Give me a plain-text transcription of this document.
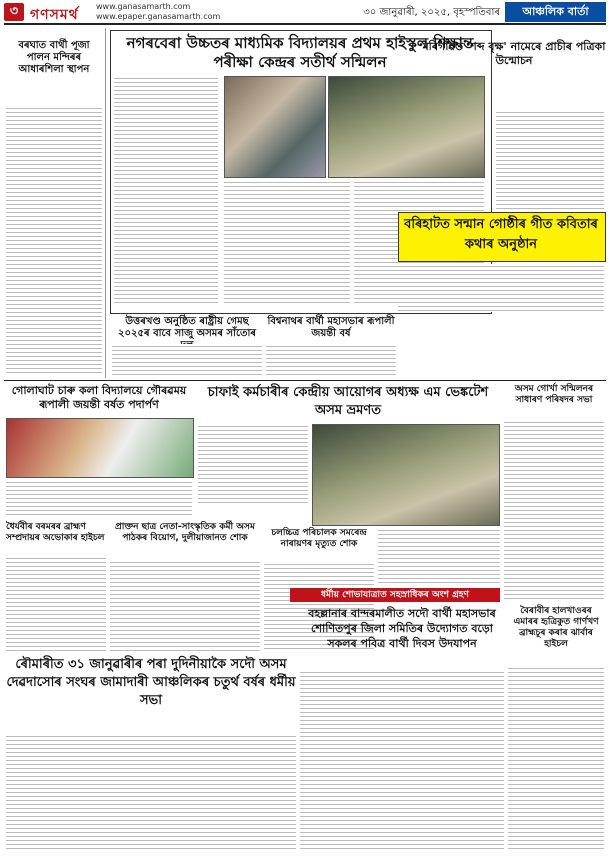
৩ গণসমৰ্থ
www.ganasamarth.com
www.epaper.ganasamarth.com	৩০ জানুৱাৰী, ২০২৫, বৃহস্পতিবাৰ	আঞ্চলিক বাৰ্তা
বৰঘাত বাৰ্থী পূজা পালন মন্দিৰৰ আধাৰশিলা স্থাপন
নগৰবেৰা উচ্চতৰ মাধ্যমিক বিদ্যালয়ৰ প্ৰথম হাইস্কুল শিক্ষান্ত পৰীক্ষা কেন্দ্ৰৰ সতীৰ্থ সন্মিলন
মৰিগাঁৱত 'শব্দ বৃক্ষ' নামেৰে প্ৰাচীৰ পত্ৰিকা উন্মোচন
বৰিহাটত সন্মান গোষ্ঠীৰ গীত কবিতাৰ কথাৰ অনুষ্ঠান
উত্তৰখণ্ড অনুষ্ঠিত ৰাষ্ট্ৰীয় গেমছ ২০২৫ৰ বাবে সাজু অসমৰ সাঁতোৰ
বিশ্বনাথৰ বাৰ্থী মহাসভাৰ ৰূপালী জয়ন্তী বৰ্ষ
গোলাঘাট চাৰু কলা বিদ্যালয়ে গৌৰৱময় ৰূপালী জয়ন্তী বৰ্ষত পদাৰ্পণ
চাফাই কৰ্মচাৰীৰ কেন্দ্ৰীয় আয়োগৰ অধ্যক্ষ এম ভেঙ্কটেশ অসম ভ্ৰমণত
অসম গোৰ্খা সন্মিলনৰ সাধাৰণ পৰিষদৰ সভা
ধৈৰ্যবীৰ বৰমৰৰ ব্ৰাহ্মণ সম্প্ৰদায়ৰ অভোকাৰ হাইচল
প্ৰাক্তন ছাত্ৰ নেতা-সাংস্কৃতিক কৰ্মী অসম পাঠকৰ বিয়োগ, দুলীয়াজানত শোক	চলচ্চিত্ৰ পৰিচালক সমৰেন্দ্ৰ নাৰায়ণৰ মৃত্যুত শোক
ধৰ্মীয় শোভাযাত্ৰাত সহস্ৰাধিকৰ অংশ গ্ৰহণ
বহল্লানাৰ বান্দৰমালীত সদৌ বাৰ্থী মহাসভাৰ শোণিতপুৰ জিলা সমিতিৰ উদ্যোগত বড়ো সকলৰ পবিত্ৰ বাৰ্থী দিবস উদযাপন
ৰৌমাৰীত ৩১ জানুৱাৰীৰ পৰা দুদিনীয়াকৈ সদৌ অসম দেৱদাসোৰ সংঘৰ জামাদাৰী আঞ্চলিকৰ চতুৰ্থ বৰ্ষৰ ধৰ্মীয় সভা
বৈৰাবীৰ হালখাওৰৰ এমাৰৰ হৃত্ৰিকুত গাৰ্ণখণ ব্ৰাহ্মচূৰ কৰাৰ ঝাৰ্বাৰ হাইচল
